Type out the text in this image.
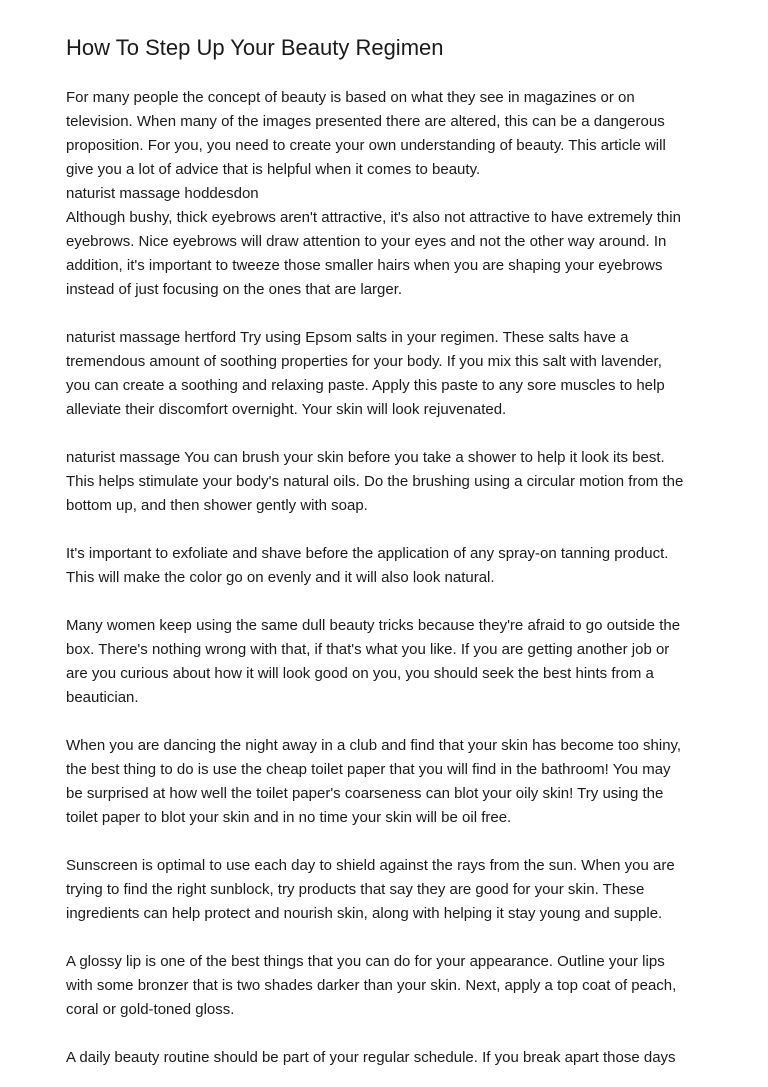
How To Step Up Your Beauty Regimen
For many people the concept of beauty is based on what they see in magazines or on
television. When many of the images presented there are altered, this can be a dangerous
proposition. For you, you need to create your own understanding of beauty. This article will
give you a lot of advice that is helpful when it comes to beauty.
naturist massage hoddesdon
Although bushy, thick eyebrows aren't attractive, it's also not attractive to have extremely thin
eyebrows. Nice eyebrows will draw attention to your eyes and not the other way around. In
addition, it's important to tweeze those smaller hairs when you are shaping your eyebrows
instead of just focusing on the ones that are larger.
naturist massage hertford Try using Epsom salts in your regimen. These salts have a
tremendous amount of soothing properties for your body. If you mix this salt with lavender,
you can create a soothing and relaxing paste. Apply this paste to any sore muscles to help
alleviate their discomfort overnight. Your skin will look rejuvenated.
naturist massage You can brush your skin before you take a shower to help it look its best.
This helps stimulate your body's natural oils. Do the brushing using a circular motion from the
bottom up, and then shower gently with soap.
It's important to exfoliate and shave before the application of any spray-on tanning product.
This will make the color go on evenly and it will also look natural.
Many women keep using the same dull beauty tricks because they're afraid to go outside the
box. There's nothing wrong with that, if that's what you like. If you are getting another job or
are you curious about how it will look good on you, you should seek the best hints from a
beautician.
When you are dancing the night away in a club and find that your skin has become too shiny,
the best thing to do is use the cheap toilet paper that you will find in the bathroom! You may
be surprised at how well the toilet paper's coarseness can blot your oily skin! Try using the
toilet paper to blot your skin and in no time your skin will be oil free.
Sunscreen is optimal to use each day to shield against the rays from the sun. When you are
trying to find the right sunblock, try products that say they are good for your skin. These
ingredients can help protect and nourish skin, along with helping it stay young and supple.
A glossy lip is one of the best things that you can do for your appearance. Outline your lips
with some bronzer that is two shades darker than your skin. Next, apply a top coat of peach,
coral or gold-toned gloss.
A daily beauty routine should be part of your regular schedule. If you break apart those days
